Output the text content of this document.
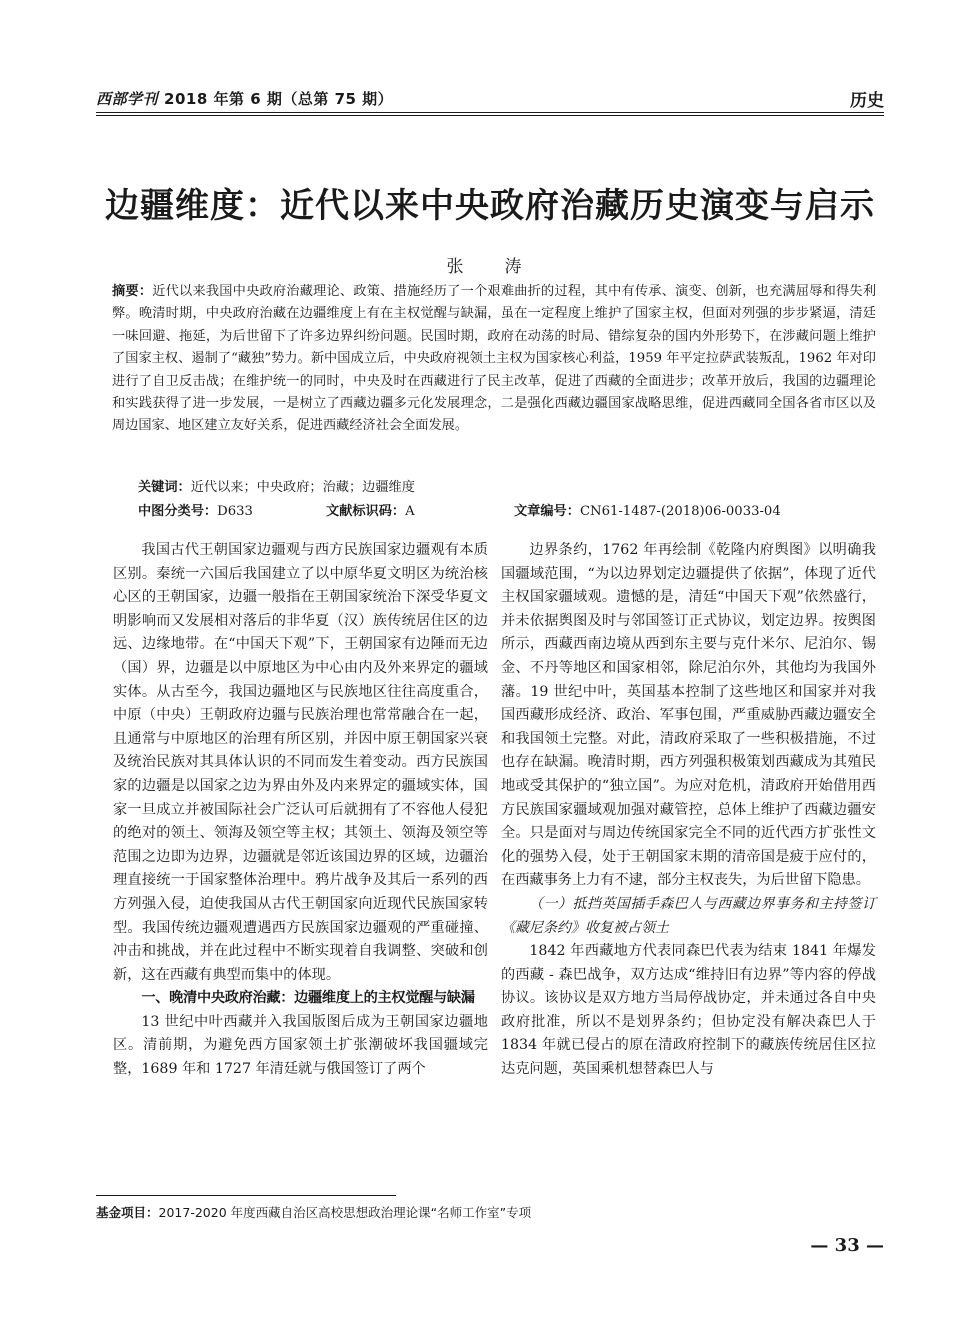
西部学刊 2018 年第 6 期（总第 75 期）	历史
边疆维度：近代以来中央政府治藏历史演变与启示
张　涛
摘要：近代以来我国中央政府治藏理论、政策、措施经历了一个艰难曲折的过程，其中有传承、演变、创新，也充满屈辱和得失利弊。晚清时期，中央政府治藏在边疆维度上有在主权觉醒与缺漏，虽在一定程度上维护了国家主权，但面对列强的步步紧逼，清廷一味回避、拖延，为后世留下了许多边界纠纷问题。民国时期，政府在动荡的时局、错综复杂的国内外形势下，在涉藏问题上维护了国家主权、遏制了“藏独”势力。新中国成立后，中央政府视领土主权为国家核心利益，1959 年平定拉萨武装叛乱，1962 年对印进行了自卫反击战；在维护统一的同时，中央及时在西藏进行了民主改革，促进了西藏的全面进步；改革开放后，我国的边疆理论和实践获得了进一步发展，一是树立了西藏边疆多元化发展理念，二是强化西藏边疆国家战略思维，促进西藏同全国各省市区以及周边国家、地区建立友好关系，促进西藏经济社会全面发展。
关键词：近代以来；中央政府；治藏；边疆维度
中图分类号：D633	文献标识码：A	文章编号：CN61-1487-(2018)06-0033-04

我国古代王朝国家边疆观与西方民族国家边疆观有本质区别。秦统一六国后我国建立了以中原华夏文明区为统治核心区的王朝国家，边疆一般指在王朝国家统治下深受华夏文明影响而又发展相对落后的非华夏（汉）族传统居住区的边远、边缘地带。在“中国天下观”下，王朝国家有边陲而无边（国）界，边疆是以中原地区为中心由内及外来界定的疆域实体。从古至今，我国边疆地区与民族地区往往高度重合，中原（中央）王朝政府边疆与民族治理也常常融合在一起，且通常与中原地区的治理有所区别，并因中原王朝国家兴衰及统治民族对其具体认识的不同而发生着变动。西方民族国家的边疆是以国家之边为界由外及内来界定的疆域实体，国家一旦成立并被国际社会广泛认可后就拥有了不容他人侵犯的绝对的领土、领海及领空等主权；其领土、领海及领空等范围之边即为边界，边疆就是邻近该国边界的区域，边疆治理直接统一于国家整体治理中。鸦片战争及其后一系列的西方列强入侵，迫使我国从古代王朝国家向近现代民族国家转型。我国传统边疆观遭遇西方民族国家边疆观的严重碰撞、冲击和挑战，并在此过程中不断实现着自我调整、突破和创新，这在西藏有典型而集中的体现。

一、晚清中央政府治藏：边疆维度上的主权觉醒与缺漏

13 世纪中叶西藏并入我国版图后成为王朝国家边疆地区。清前期，为避免西方国家领土扩张潮破坏我国疆域完整，1689 年和 1727 年清廷就与俄国签订了两个

边界条约，1762 年再绘制《乾隆内府舆图》以明确我国疆域范围，“为以边界划定边疆提供了依据”，体现了近代主权国家疆域观。遗憾的是，清廷“中国天下观”依然盛行，并未依据舆图及时与邻国签订正式协议，划定边界。按舆图所示，西藏西南边境从西到东主要与克什米尔、尼泊尔、锡金、不丹等地区和国家相邻，除尼泊尔外，其他均为我国外藩。19 世纪中叶，英国基本控制了这些地区和国家并对我国西藏形成经济、政治、军事包围，严重威胁西藏边疆安全和我国领土完整。对此，清政府采取了一些积极措施，不过也存在缺漏。晚清时期，西方列强积极策划西藏成为其殖民地或受其保护的“独立国”。为应对危机，清政府开始借用西方民族国家疆域观加强对藏管控，总体上维护了西藏边疆安全。只是面对与周边传统国家完全不同的近代西方扩张性文化的强势入侵，处于王朝国家末期的清帝国是疲于应付的，在西藏事务上力有不逮，部分主权丧失，为后世留下隐患。

（一）抵挡英国插手森巴人与西藏边界事务和主持签订《藏尼条约》收复被占领土

1842 年西藏地方代表同森巴代表为结束 1841 年爆发的西藏 - 森巴战争，双方达成“维持旧有边界”等内容的停战协议。该协议是双方地方当局停战协定，并未通过各自中央政府批准，所以不是划界条约；但协定没有解决森巴人于 1834 年就已侵占的原在清政府控制下的藏族传统居住区拉达克问题，英国乘机想替森巴人与

基金项目：2017-2020 年度西藏自治区高校思想政治理论课“名师工作室”专项
— 33 —
